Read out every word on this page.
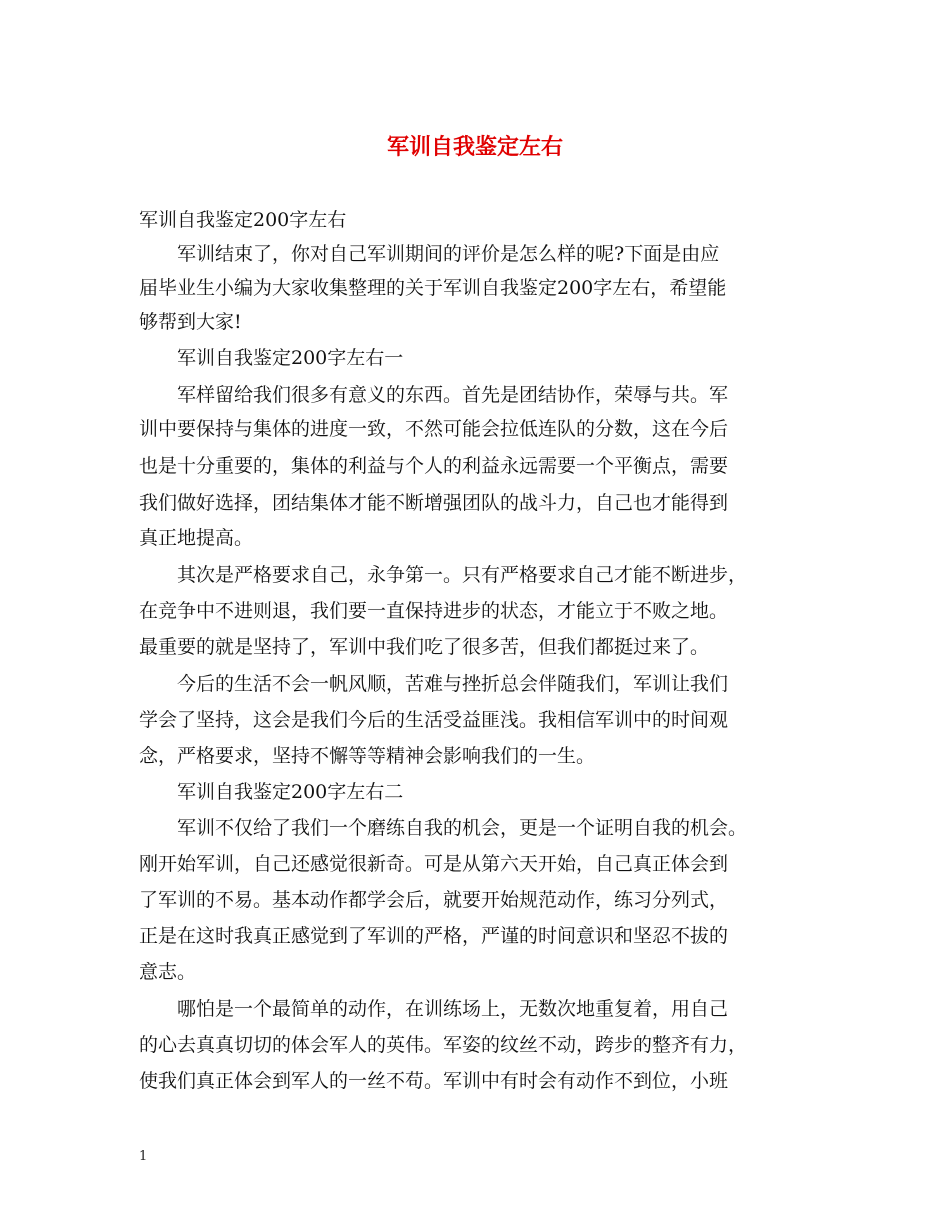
军训自我鉴定左右

军训自我鉴定200字左右

　　军训结束了，你对自己军训期间的评价是怎么样的呢?下面是由应

届毕业生小编为大家收集整理的关于军训自我鉴定200字左右，希望能

够帮到大家!

　　军训自我鉴定200字左右一

　　军样留给我们很多有意义的东西。首先是团结协作，荣辱与共。军

训中要保持与集体的进度一致，不然可能会拉低连队的分数，这在今后

也是十分重要的，集体的利益与个人的利益永远需要一个平衡点，需要

我们做好选择，团结集体才能不断增强团队的战斗力，自己也才能得到

真正地提高。

　　其次是严格要求自己，永争第一。只有严格要求自己才能不断进步，

在竞争中不进则退，我们要一直保持进步的状态，才能立于不败之地。

最重要的就是坚持了，军训中我们吃了很多苦，但我们都挺过来了。

　　今后的生活不会一帆风顺，苦难与挫折总会伴随我们，军训让我们

学会了坚持，这会是我们今后的生活受益匪浅。我相信军训中的时间观

念，严格要求，坚持不懈等等精神会影响我们的一生。

　　军训自我鉴定200字左右二

　　军训不仅给了我们一个磨练自我的机会，更是一个证明自我的机会。

刚开始军训，自己还感觉很新奇。可是从第六天开始，自己真正体会到

了军训的不易。基本动作都学会后，就要开始规范动作，练习分列式，

正是在这时我真正感觉到了军训的严格，严谨的时间意识和坚忍不拔的

意志。

　　哪怕是一个最简单的动作，在训练场上，无数次地重复着，用自己

的心去真真切切的体会军人的英伟。军姿的纹丝不动，跨步的整齐有力，

使我们真正体会到军人的一丝不苟。军训中有时会有动作不到位，小班

1
